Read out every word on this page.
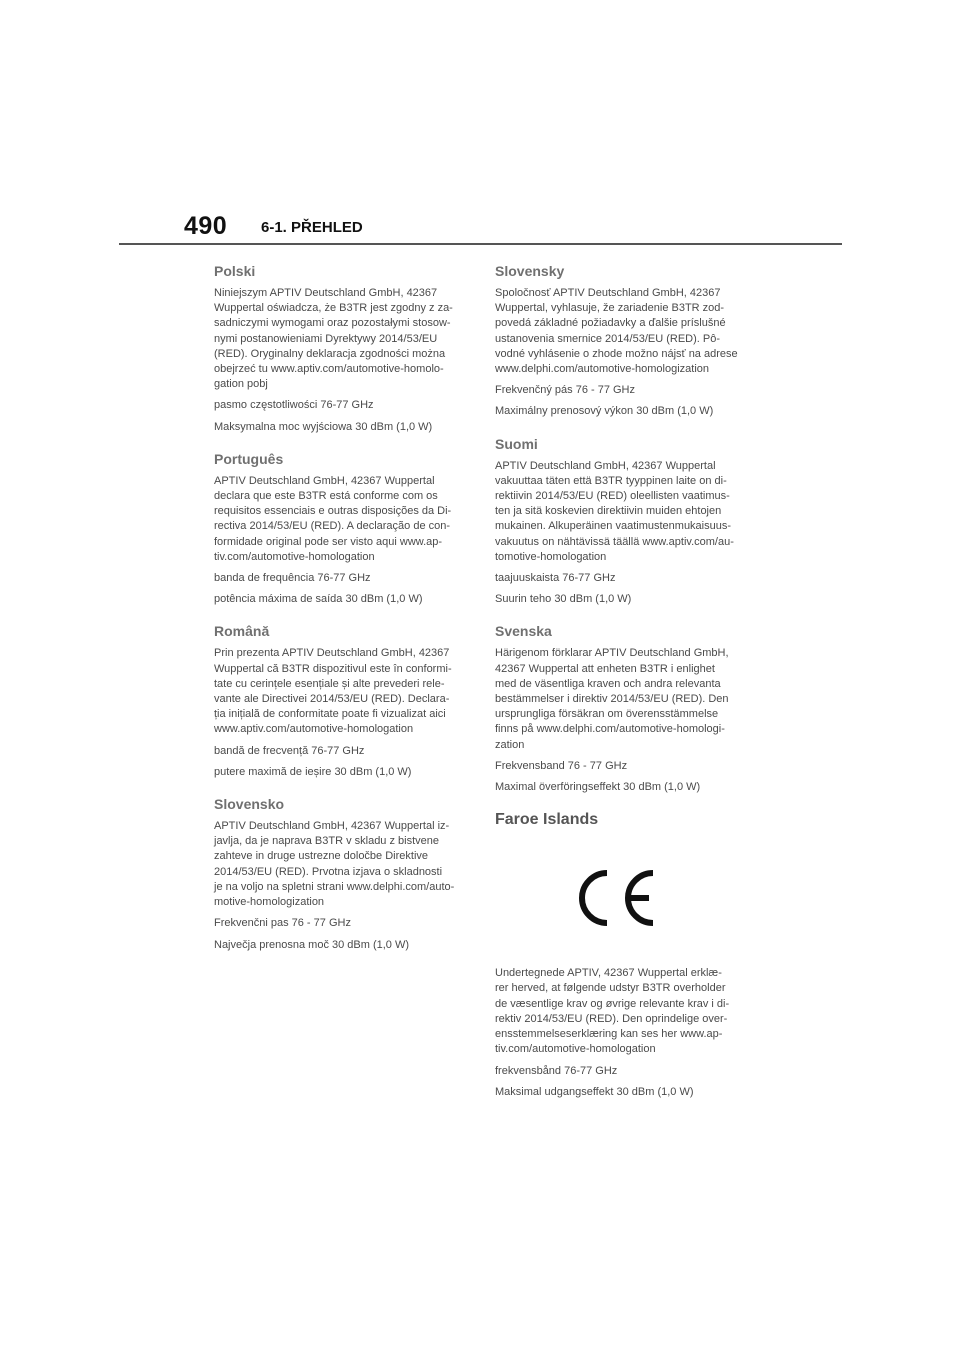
490 6-1. PŘEHLED
Polski
Niniejszym APTIV Deutschland GmbH, 42367
Wuppertal oświadcza, że B3TR jest zgodny z za-
sadniczymi wymogami oraz pozostałymi stosow-
nymi postanowieniami Dyrektywy 2014/53/EU
(RED). Oryginalny deklaracja zgodności można
obejrzeć tu www.aptiv.com/automotive-homolo-
gation pobj
pasmo częstotliwości 76-77 GHz
Maksymalna moc wyjściowa 30 dBm (1,0 W)
Português
APTIV Deutschland GmbH, 42367 Wuppertal
declara que este B3TR está conforme com os
requisitos essenciais e outras disposições da Di-
rectiva 2014/53/EU (RED). A declaração de con-
formidade original pode ser visto aqui www.ap-
tiv.com/automotive-homologation
banda de frequência 76-77 GHz
potência máxima de saída 30 dBm (1,0 W)
Română
Prin prezenta APTIV Deutschland GmbH, 42367
Wuppertal că B3TR dispozitivul este în conformi-
tate cu cerințele esențiale și alte prevederi rele-
vante ale Directivei 2014/53/EU (RED). Declara-
ția inițială de conformitate poate fi vizualizat aici
www.aptiv.com/automotive-homologation
bandă de frecvență 76-77 GHz
putere maximă de ieșire 30 dBm (1,0 W)
Slovensko
APTIV Deutschland GmbH, 42367 Wuppertal iz-
javlja, da je naprava B3TR v skladu z bistvene
zahteve in druge ustrezne določbe Direktive
2014/53/EU (RED). Prvotna izjava o skladnosti
je na voljo na spletni strani www.delphi.com/auto-
motive-homologization
Frekvenčni pas 76 - 77 GHz
Največja prenosna moč 30 dBm (1,0 W)
Slovensky
Spoločnosť APTIV Deutschland GmbH, 42367
Wuppertal, vyhlasuje, že zariadenie B3TR zod-
povedá základné požiadavky a ďalšie príslušné
ustanovenia smernice 2014/53/EU (RED). Pô-
vodné vyhlásenie o zhode možno nájsť na adrese
www.delphi.com/automotive-homologization
Frekvenčný pás 76 - 77 GHz
Maximálny prenosový výkon 30 dBm (1,0 W)
Suomi
APTIV Deutschland GmbH, 42367 Wuppertal
vakuuttaa täten että B3TR tyyppinen laite on di-
rektiivin 2014/53/EU (RED) oleellisten vaatimus-
ten ja sitä koskevien direktiivin muiden ehtojen
mukainen. Alkuperäinen vaatimustenmukaisuus-
vakuutus on nähtävissä täällä www.aptiv.com/au-
tomotive-homologation
taajuuskaista 76-77 GHz
Suurin teho 30 dBm (1,0 W)
Svenska
Härigenom förklarar APTIV Deutschland GmbH,
42367 Wuppertal att enheten B3TR i enlighet
med de väsentliga kraven och andra relevanta
bestämmelser i direktiv 2014/53/EU (RED). Den
ursprungliga försäkran om överensstämmelse
finns på www.delphi.com/automotive-homologi-
zation
Frekvensband 76 - 77 GHz
Maximal överföringseffekt 30 dBm (1,0 W)
Faroe Islands
Undertegnede APTIV, 42367 Wuppertal erklæ-
rer herved, at følgende udstyr B3TR overholder
de væsentlige krav og øvrige relevante krav i di-
rektiv 2014/53/EU (RED). Den oprindelige over-
ensstemmelseserklæring kan ses her www.ap-
tiv.com/automotive-homologation
frekvensbånd 76-77 GHz
Maksimal udgangseffekt 30 dBm (1,0 W)
